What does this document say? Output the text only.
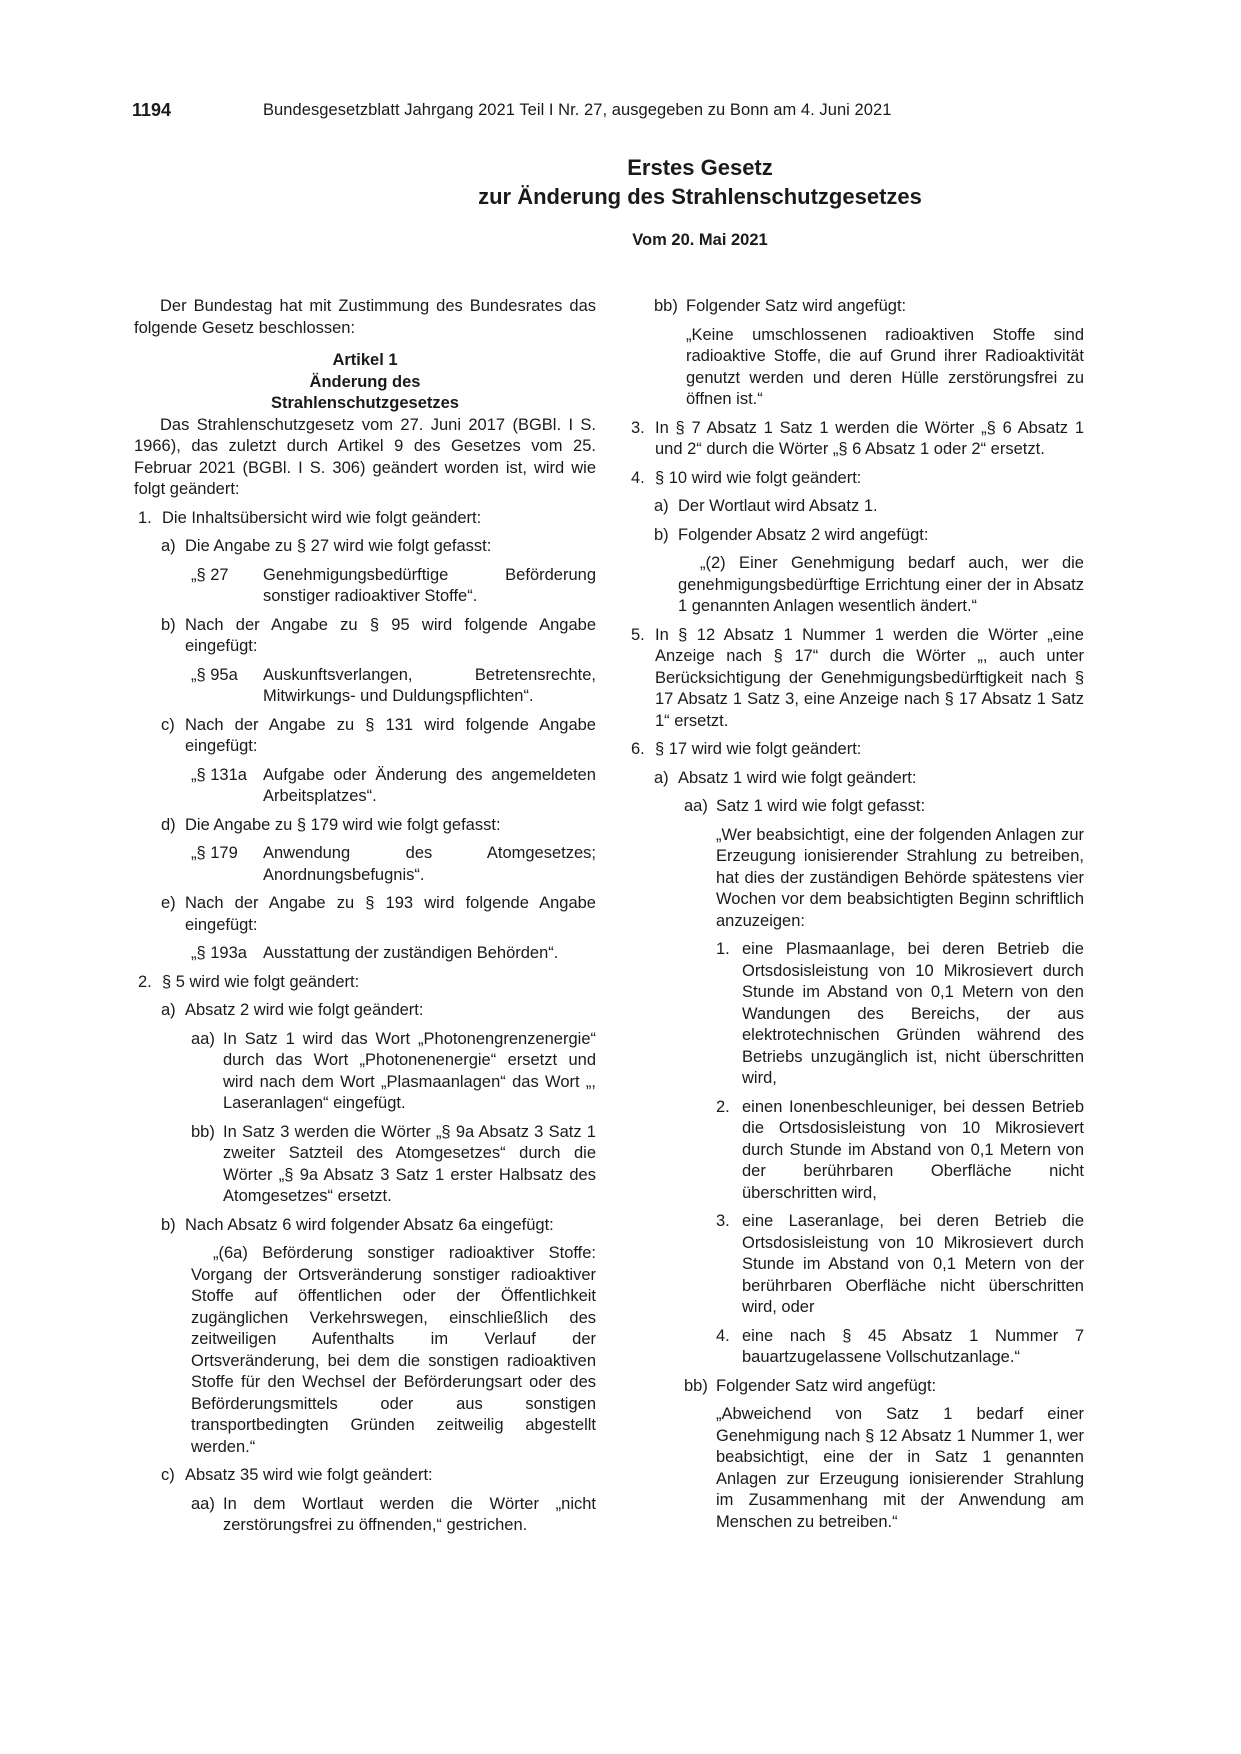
1194	Bundesgesetzblatt Jahrgang 2021 Teil I Nr. 27, ausgegeben zu Bonn am 4. Juni 2021
Erstes Gesetz
zur Änderung des Strahlenschutzgesetzes
Vom 20. Mai 2021

Der Bundestag hat mit Zustimmung des Bundesrates das folgende Gesetz beschlossen:

Artikel 1

Änderung des

Strahlenschutzgesetzes

Das Strahlenschutzgesetz vom 27. Juni 2017 (BGBl. I S. 1966), das zuletzt durch Artikel 9 des Gesetzes vom 25. Februar 2021 (BGBl. I S. 306) geändert worden ist, wird wie folgt geändert:

1. Die Inhaltsübersicht wird wie folgt geändert:
a) Die Angabe zu § 27 wird wie folgt gefasst:
„§ 27	Genehmigungsbedürftige Beförderung sonstiger radioaktiver Stoffe“.
b) Nach der Angabe zu § 95 wird folgende Angabe eingefügt:
„§ 95a	Auskunftsverlangen, Betretensrechte, Mitwirkungs- und Duldungspflichten“.
c) Nach der Angabe zu § 131 wird folgende Angabe eingefügt:
„§ 131a Aufgabe oder Änderung des angemeldeten Arbeitsplatzes“.
d) Die Angabe zu § 179 wird wie folgt gefasst:
„§ 179	Anwendung des Atomgesetzes; Anordnungsbefugnis“.
e) Nach der Angabe zu § 193 wird folgende Angabe eingefügt:
„§ 193a Ausstattung der zuständigen Behörden“.
2. § 5 wird wie folgt geändert:
a) Absatz 2 wird wie folgt geändert:
aa) In Satz 1 wird das Wort „Photonengrenzenergie“ durch das Wort „Photonenenergie“ ersetzt und wird nach dem Wort „Plasmaanlagen“ das Wort „, Laseranlagen“ eingefügt.
bb) In Satz 3 werden die Wörter „§ 9a Absatz 3 Satz 1 zweiter Satzteil des Atomgesetzes“ durch die Wörter „§ 9a Absatz 3 Satz 1 erster Halbsatz des Atomgesetzes“ ersetzt.
b) Nach Absatz 6 wird folgender Absatz 6a eingefügt:

„(6a) Beförderung sonstiger radioaktiver Stoffe: Vorgang der Ortsveränderung sonstiger radioaktiver Stoffe auf öffentlichen oder der Öffentlichkeit zugänglichen Verkehrswegen, einschließlich des zeitweiligen Aufenthalts im Verlauf der Ortsveränderung, bei dem die sonstigen radioaktiven Stoffe für den Wechsel der Beförderungsart oder des Beförderungsmittels oder aus sonstigen transportbedingten Gründen zeitweilig abgestellt werden.“

c) Absatz 35 wird wie folgt geändert:
aa) In dem Wortlaut werden die Wörter „nicht zerstörungsfrei zu öffnenden,“ gestrichen.
bb) Folgender Satz wird angefügt:

„Keine umschlossenen radioaktiven Stoffe sind radioaktive Stoffe, die auf Grund ihrer Radioaktivität genutzt werden und deren Hülle zerstörungsfrei zu öffnen ist.“

3. In § 7 Absatz 1 Satz 1 werden die Wörter „§ 6 Absatz 1 und 2“ durch die Wörter „§ 6 Absatz 1 oder 2“ ersetzt.
4. § 10 wird wie folgt geändert:
a) Der Wortlaut wird Absatz 1.
b) Folgender Absatz 2 wird angefügt:

„(2) Einer Genehmigung bedarf auch, wer die genehmigungsbedürftige Errichtung einer der in Absatz 1 genannten Anlagen wesentlich ändert.“

5. In § 12 Absatz 1 Nummer 1 werden die Wörter „eine Anzeige nach § 17“ durch die Wörter „, auch unter Berücksichtigung der Genehmigungsbedürftigkeit nach § 17 Absatz 1 Satz 3, eine Anzeige nach § 17 Absatz 1 Satz 1“ ersetzt.
6. § 17 wird wie folgt geändert:
a) Absatz 1 wird wie folgt geändert:
aa) Satz 1 wird wie folgt gefasst:

„Wer beabsichtigt, eine der folgenden Anlagen zur Erzeugung ionisierender Strahlung zu betreiben, hat dies der zuständigen Behörde spätestens vier Wochen vor dem beabsichtigten Beginn schriftlich anzuzeigen:

1. eine Plasmaanlage, bei deren Betrieb die Ortsdosisleistung von 10 Mikrosievert durch Stunde im Abstand von 0,1 Metern von den Wandungen des Bereichs, der aus elektrotechnischen Gründen während des Betriebs unzugänglich ist, nicht überschritten wird,
2. einen Ionenbeschleuniger, bei dessen Betrieb die Ortsdosisleistung von 10 Mikrosievert durch Stunde im Abstand von 0,1 Metern von der berührbaren Oberfläche nicht überschritten wird,
3. eine Laseranlage, bei deren Betrieb die Ortsdosisleistung von 10 Mikrosievert durch Stunde im Abstand von 0,1 Metern von der berührbaren Oberfläche nicht überschritten wird, oder
4. eine nach § 45 Absatz 1 Nummer 7 bauartzugelassene Vollschutzanlage.“
bb) Folgender Satz wird angefügt:

„Abweichend von Satz 1 bedarf einer Genehmigung nach § 12 Absatz 1 Nummer 1, wer beabsichtigt, eine der in Satz 1 genannten Anlagen zur Erzeugung ionisierender Strahlung im Zusammenhang mit der Anwendung am Menschen zu betreiben.“
